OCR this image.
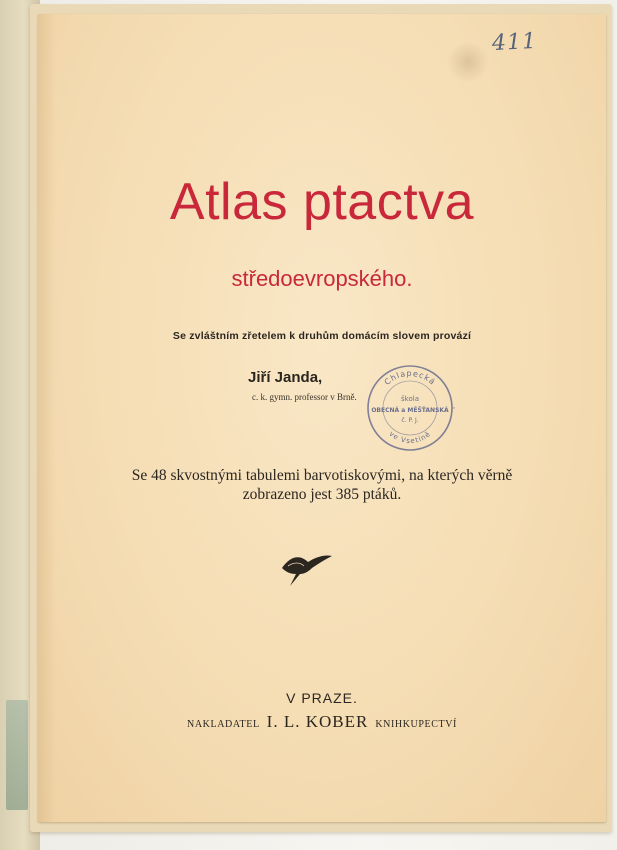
411
Atlas ptactva
středoevropského.
Se zvláštním zřetelem k druhům domácím slovem provází
Jiří Janda,
c. k. gymn. professor v Brně.
Chlapecká
škola
OBECNÁ a MĚŠŤANSKÁ
č. P. J.
ve Vsetíně
Se 48 skvostnými tabulemi barvotiskovými, na kterých věrně
zobrazeno jest 385 ptáků.
V PRAZE.
NAKLADATEL I. L. KOBER KNIHKUPECTVÍ
